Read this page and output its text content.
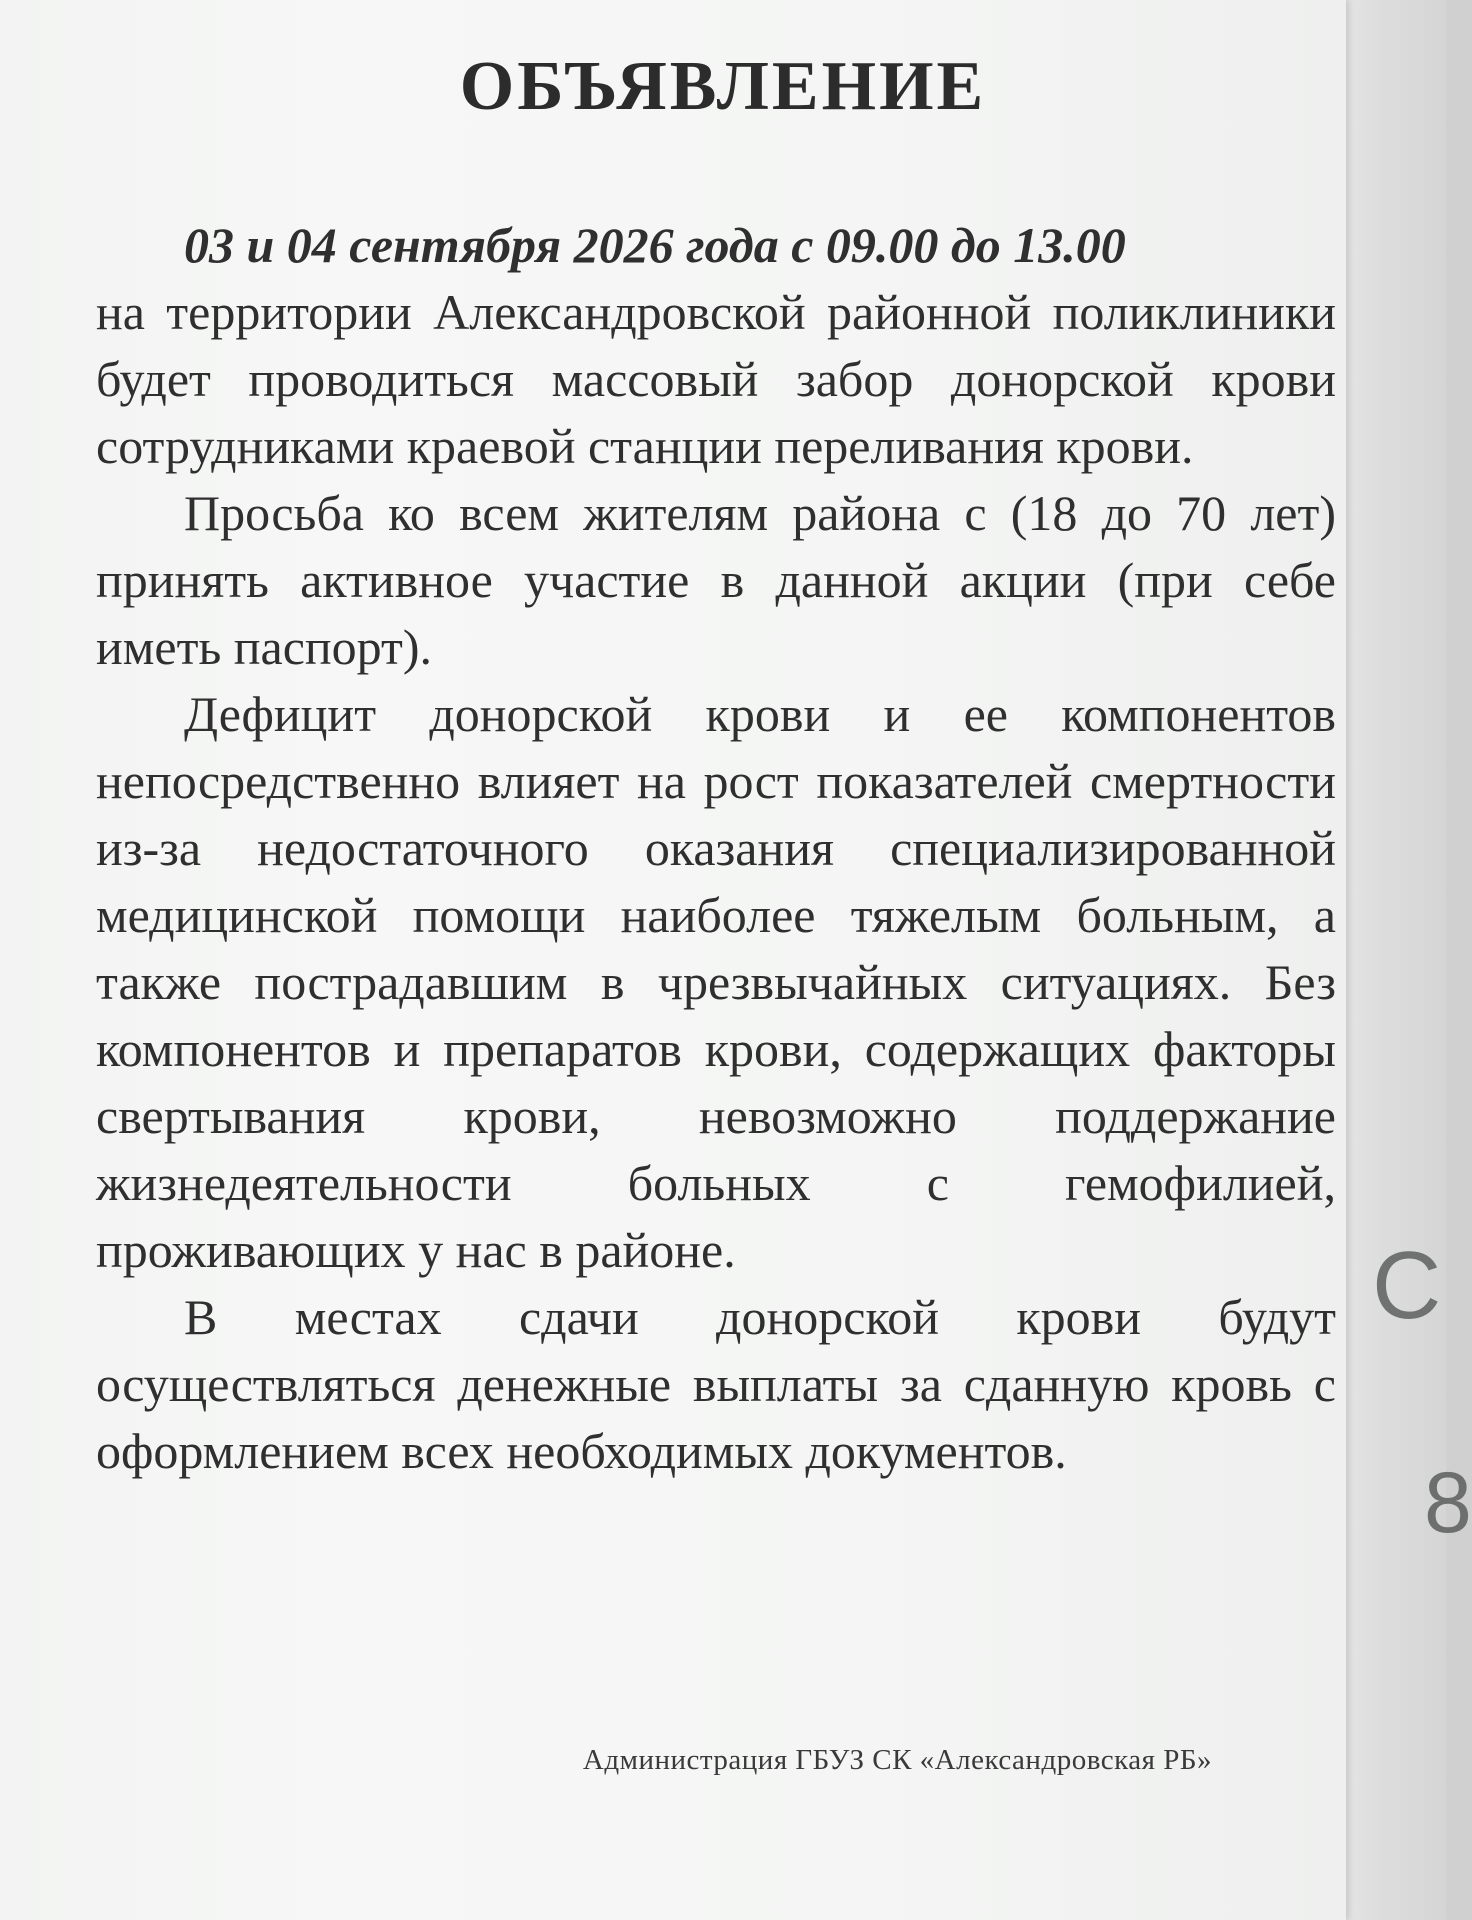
С
8
ОБЪЯВЛЕНИЕ

03 и 04 сентября 2026 года с 09.00 до 13.00
на территории Александровской районной поликлиники будет проводиться массовый забор донорской крови сотрудниками краевой станции переливания крови.

Просьба ко всем жителям района с (18 до 70 лет) принять активное участие в данной акции (при себе иметь паспорт).

Дефицит донорской крови и ее компонентов непосредственно влияет на рост показателей смертности из-за недостаточного оказания специализированной медицинской помощи наиболее тяжелым больным, а также пострадавшим в чрезвычайных ситуациях. Без компонентов и препаратов крови, содержащих факторы свертывания крови, невозможно поддержание жизнедеятельности больных с гемофилией, проживающих у нас в районе.

В местах сдачи донорской крови будут осуществляться денежные выплаты за сданную кровь с оформлением всех необходимых документов.

Администрация ГБУЗ СК «Александровская РБ»
